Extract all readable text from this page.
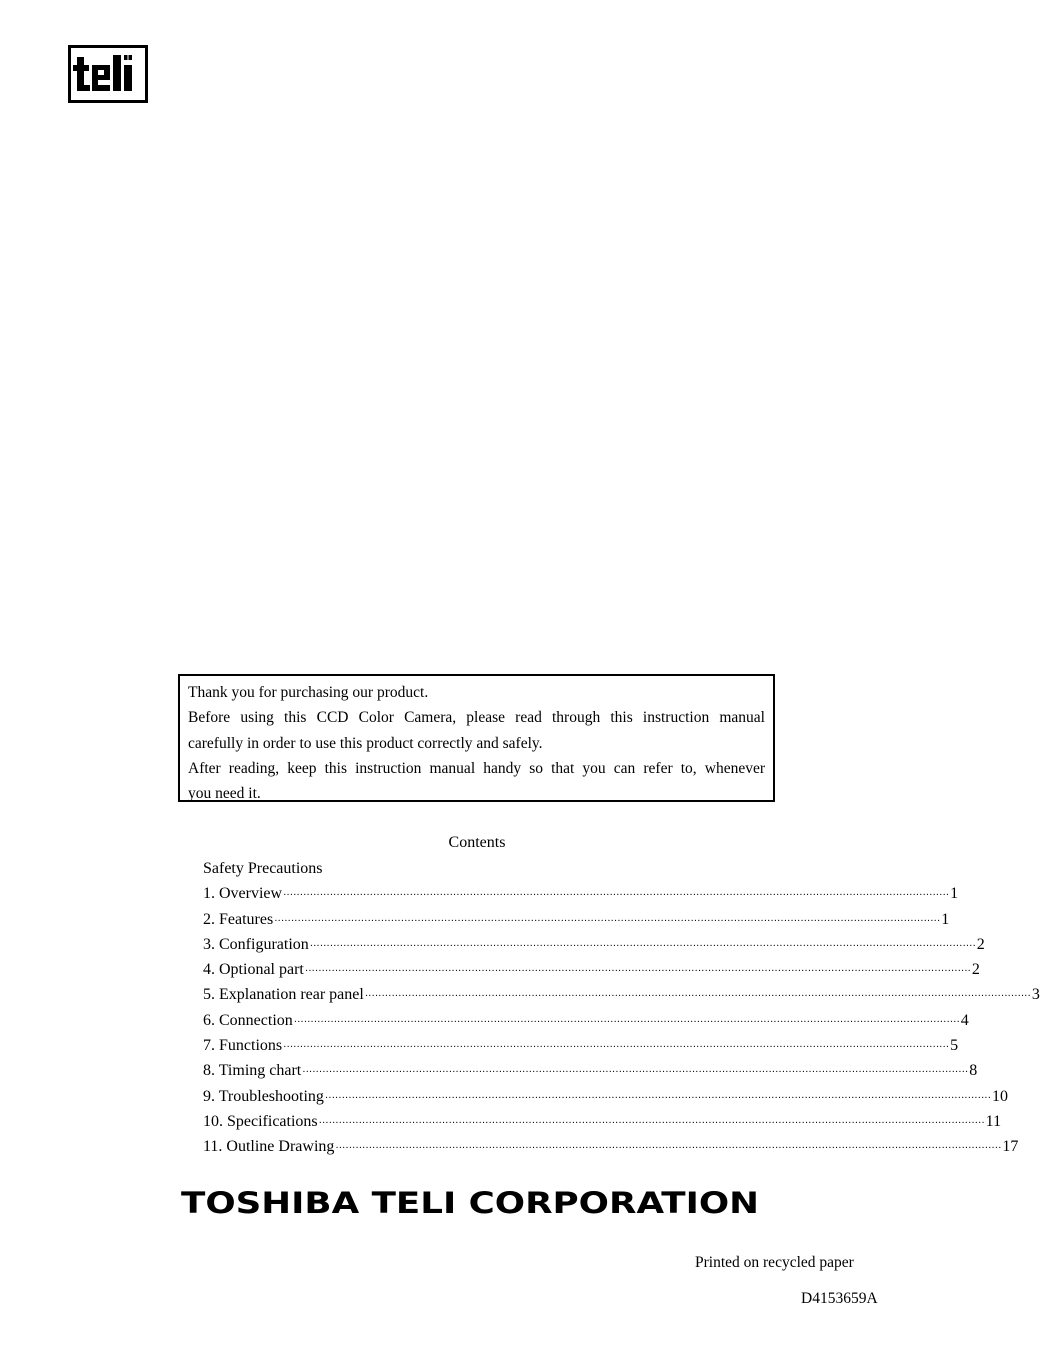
Thank you for purchasing our product.
Before using this CCD Color Camera, please read through this instruction manual
carefully in order to use this product correctly and safely.
After reading, keep this instruction manual handy so that you can refer to, whenever
you need it.
Contents
Safety Precautions
1. Overview ········································································································································································································ 1
2. Features ········································································································································································································ 1
3. Configuration ········································································································································································································ 2
4. Optional part ········································································································································································································ 2
5. Explanation rear panel ········································································································································································································ 3
6. Connection ········································································································································································································ 4
7. Functions ········································································································································································································ 5
8. Timing chart ········································································································································································································ 8
9. Troubleshooting ········································································································································································································ 10
10. Specifications ········································································································································································································ 11
11. Outline Drawing ········································································································································································································ 17
TOSHIBA TELI CORPORATION
Printed on recycled paper
D4153659A
